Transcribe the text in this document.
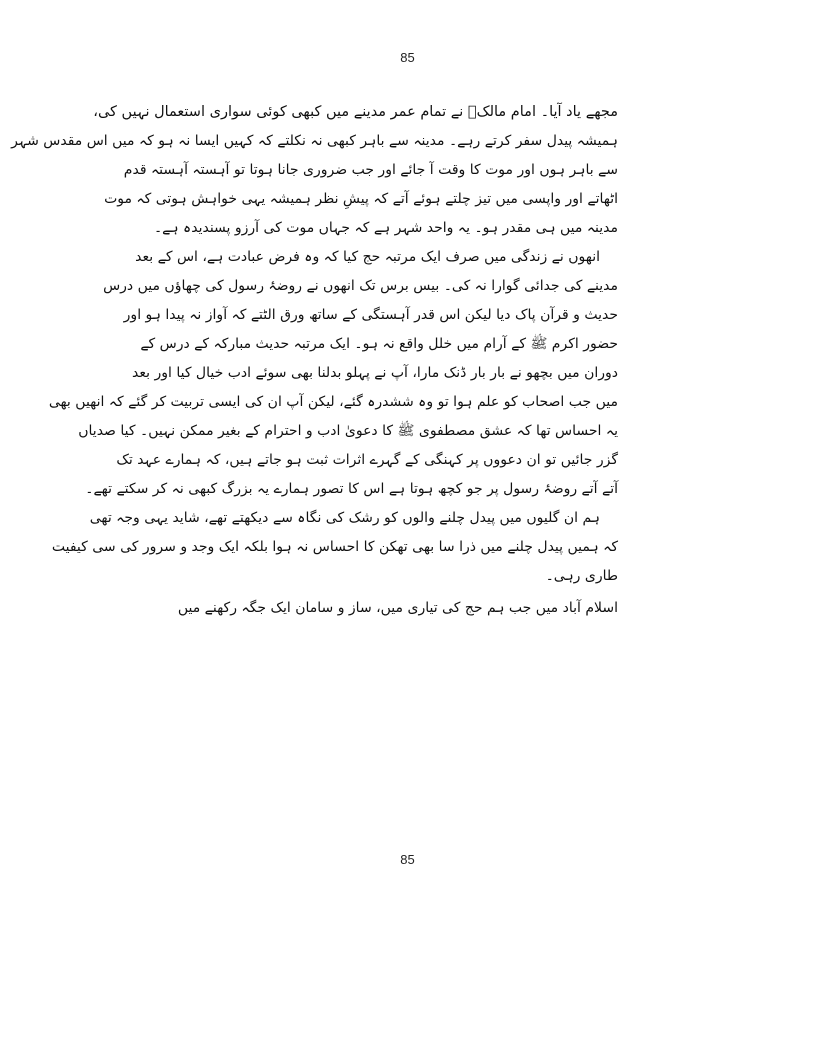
85
مجھے یاد آیا۔ امام مالکؒ نے تمام عمر مدینے میں کبھی کوئی سواری استعمال نہیں کی،
ہمیشہ پیدل سفر کرتے رہے۔ مدینہ سے باہر کبھی نہ نکلتے کہ کہیں ایسا نہ ہو کہ میں اس مقدس شہر
سے باہر ہوں اور موت کا وقت آ جائے اور جب ضروری جانا ہوتا تو آہستہ آہستہ قدم
اٹھاتے اور واپسی میں تیز چلتے ہوئے آتے کہ پیشِ نظر ہمیشہ یہی خواہش ہوتی کہ موت
مدینہ میں ہی مقدر ہو۔ یہ واحد شہر ہے کہ جہاں موت کی آرزو پسندیدہ ہے۔
انھوں نے زندگی میں صرف ایک مرتبہ حج کیا کہ وہ فرض عبادت ہے، اس کے بعد
مدینے کی جدائی گوارا نہ کی۔ بیس برس تک انھوں نے روضۂ رسول کی چھاؤں میں درس
حدیث و قرآن پاک دیا لیکن اس قدر آہستگی کے ساتھ ورق الٹتے کہ آواز نہ پیدا ہو اور
حضور اکرم ﷺ کے آرام میں خلل واقع نہ ہو۔ ایک مرتبہ حدیث مبارکہ کے درس کے
دوران میں بچھو نے بار بار ڈنک مارا، آپ نے پہلو بدلنا بھی سوئے ادب خیال کیا اور بعد
میں جب اصحاب کو علم ہوا تو وہ ششدرہ گئے، لیکن آپ ان کی ایسی تربیت کر گئے کہ انھیں بھی
یہ احساس تھا کہ عشق مصطفوی ﷺ کا دعویٰ ادب و احترام کے بغیر ممکن نہیں۔ کیا صدیاں
گزر جائیں تو ان دعووں پر کہنگی کے گہرے اثرات ثبت ہو جاتے ہیں، کہ ہمارے عہد تک
آتے آتے روضۂ رسول پر جو کچھ ہوتا ہے اس کا تصور ہمارے یہ بزرگ کبھی نہ کر سکتے تھے۔
ہم ان گلیوں میں پیدل چلنے والوں کو رشک کی نگاہ سے دیکھتے تھے، شاید یہی وجہ تھی
کہ ہمیں پیدل چلنے میں ذرا سا بھی تھکن کا احساس نہ ہوا بلکہ ایک وجد و سرور کی سی کیفیت
طاری رہی۔
اسلام آباد میں جب ہم حج کی تیاری میں، ساز و سامان ایک جگہ رکھنے میں
85
